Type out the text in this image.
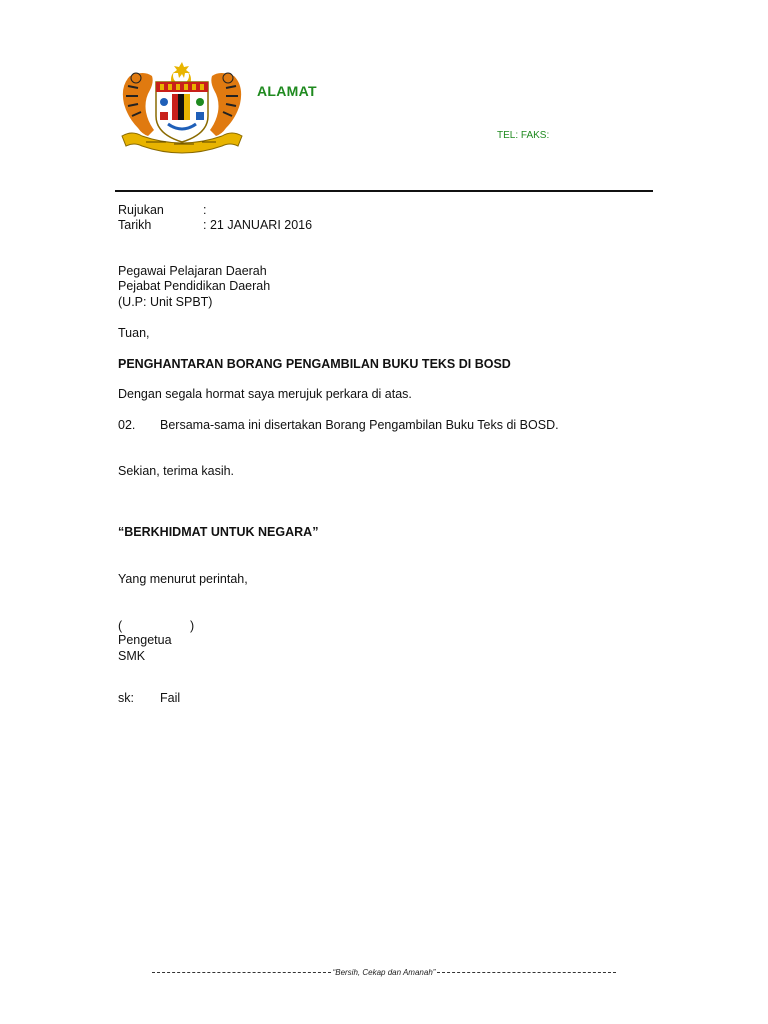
ALAMAT
TEL: FAKS:
Rujukan	:
Tarikh	: 21 JANUARI 2016
Pegawai Pelajaran Daerah
Pejabat Pendidikan Daerah
(U.P: Unit SPBT)
Tuan,
PENGHANTARAN BORANG PENGAMBILAN BUKU TEKS DI BOSD
Dengan segala hormat saya merujuk perkara di atas.
02. Bersama-sama ini disertakan Borang Pengambilan Buku Teks di BOSD.
Sekian, terima kasih.
“BERKHIDMAT UNTUK NEGARA”
Yang menurut perintah,
(	)
Pengetua
SMK
sk: Fail
“Bersih, Cekap dan Amanah”
